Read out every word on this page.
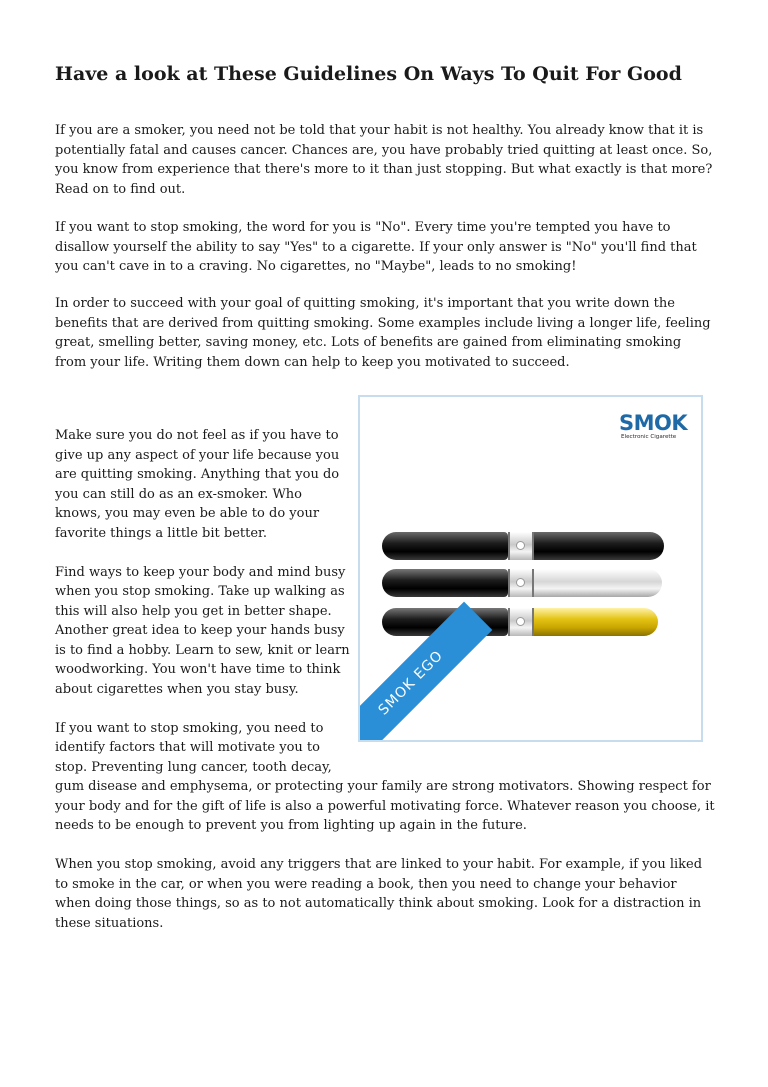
Have a look at These Guidelines On Ways To Quit For Good

If you are a smoker, you need not be told that your habit is not healthy. You already know that it is potentially fatal and causes cancer. Chances are, you have probably tried quitting at least once. So, you know from experience that there's more to it than just stopping. But what exactly is that more? Read on to find out.

If you want to stop smoking, the word for you is "No". Every time you're tempted you have to disallow yourself the ability to say "Yes" to a cigarette. If your only answer is "No" you'll find that you can't cave in to a craving. No cigarettes, no "Maybe", leads to no smoking!

In order to succeed with your goal of quitting smoking, it's important that you write down the benefits that are derived from quitting smoking. Some examples include living a longer life, feeling great, smelling better, saving money, etc. Lots of benefits are gained from eliminating smoking from your life. Writing them down can help to keep you motivated to succeed.

Make sure you do not feel as if you have to give up any aspect of your life because you are quitting smoking. Anything that you do you can still do as an ex-smoker. Who knows, you may even be able to do your favorite things a little bit better.
Find ways to keep your body and mind busy when you stop smoking. Take up walking as this will also help you get in better shape. Another great idea to keep your hands busy is to find a hobby. Learn to sew, knit or learn woodworking. You won't have time to think about cigarettes when you stay busy.
If you want to stop smoking, you need to identify factors that will motivate you to stop. Preventing lung cancer, tooth decay,
gum disease and emphysema, or protecting your family are strong motivators. Showing respect for your body and for the gift of life is also a powerful motivating force. Whatever reason you choose, it needs to be enough to prevent you from lighting up again in the future.
When you stop smoking, avoid any triggers that are linked to your habit. For example, if you liked to smoke in the car, or when you were reading a book, then you need to change your behavior when doing those things, so as to not automatically think about smoking. Look for a distraction in these situations.
SMOK
Electronic Cigarette
SMOK EGO
